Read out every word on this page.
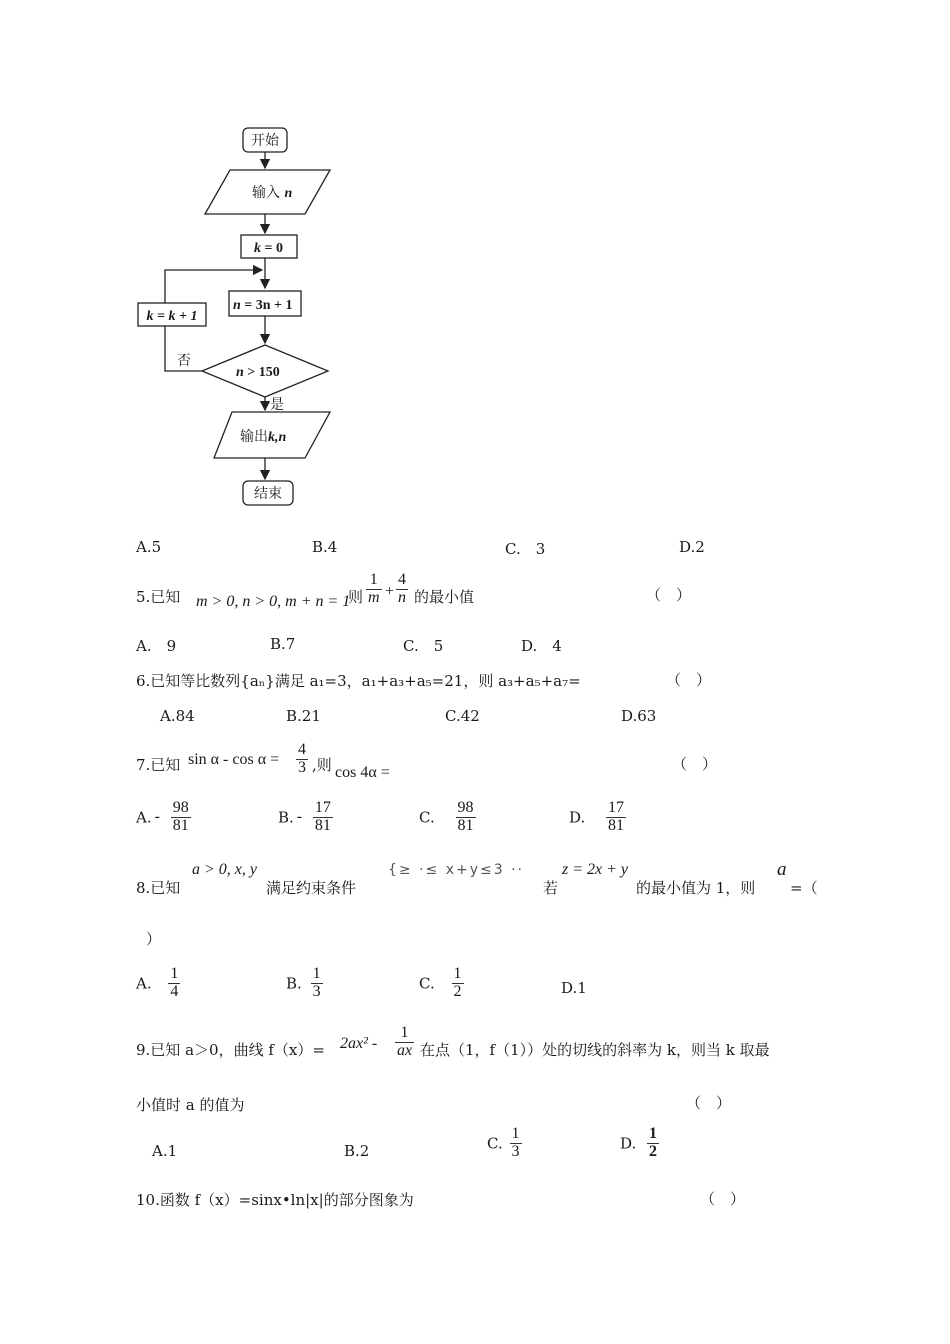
开始
输入 n
k = 0
n = 3n + 1
n > 150
否
k = k + 1
是
输出k,n
结束
A.5	B.4	C.　3	D.2
5.已知 m > 0, n > 0, m + n = 1
则 $\frac{1}{m} + \frac{4}{n}$ 的最小值	（　）
A.　9	B.7	C.　5	D.　4
6.已知等比数列{aₙ}满足 a₁=3，a₁+a₃+a₅=21，则 a₃+a₅+a₇=	（　）
A.84	B.21	C.42	D.63
7.已知 $\sin \alpha - \cos \alpha = \frac{4}{3}$ ,则 cos 4α =	（　）
A. - $\frac{98}{81}$	B. - $\frac{17}{81}$	C. $\frac{98}{81}$	D. $\frac{17}{81}$
8.已知
a > 0, x, y
满足约束条件
{≥ ·≤ x+y≤3 ··
若
z = 2x + y
的最小值为 1，则
a
=（
）
A. $\frac{1}{4}$	B. $\frac{1}{3}$	C. $\frac{1}{2}$	D.1
9.已知 a＞0，曲线 $f(x)= 2ax^2 - \frac{1}{ax}$ 在点（1，f（1））处的切线的斜率为 k，则当 k 取最
小值时 a 的值为	（　）
A.1	B.2	C. $\frac{1}{3}$	D. $\frac{1}{2}$
10.函数 f（x）=sinx•ln|x|的部分图象为	（　）
